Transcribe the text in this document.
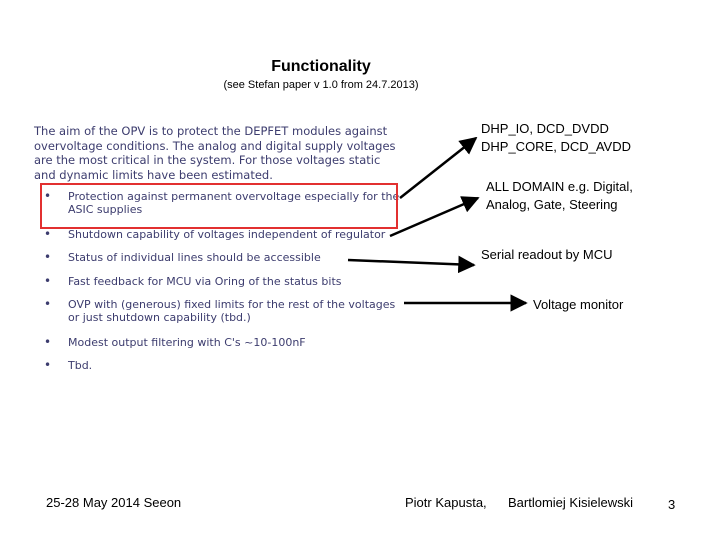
Functionality
(see Stefan paper v 1.0 from 24.7.2013)
The aim of the OPV is to protect the DEPFET modules against overvoltage conditions. The analog and digital supply voltages are the most critical in the system. For those voltages static and dynamic limits have been estimated.
• Protection against permanent overvoltage especially for the ASIC supplies
• Shutdown capability of voltages independent of regulator
• Status of individual lines should be accessible
• Fast feedback for MCU via Oring of the status bits
• OVP with (generous) fixed limits for the rest of the voltages or just shutdown capability (tbd.)
• Modest output filtering with C's ~10-100nF
• Tbd.
DHP_IO, DCD_DVDD
DHP_CORE, DCD_AVDD
ALL DOMAIN e.g. Digital,
Analog, Gate, Steering
Serial readout by MCU
Voltage monitor
25-28 May 2014 Seeon	Piotr Kapusta, Bartlomiej Kisielewski	3
